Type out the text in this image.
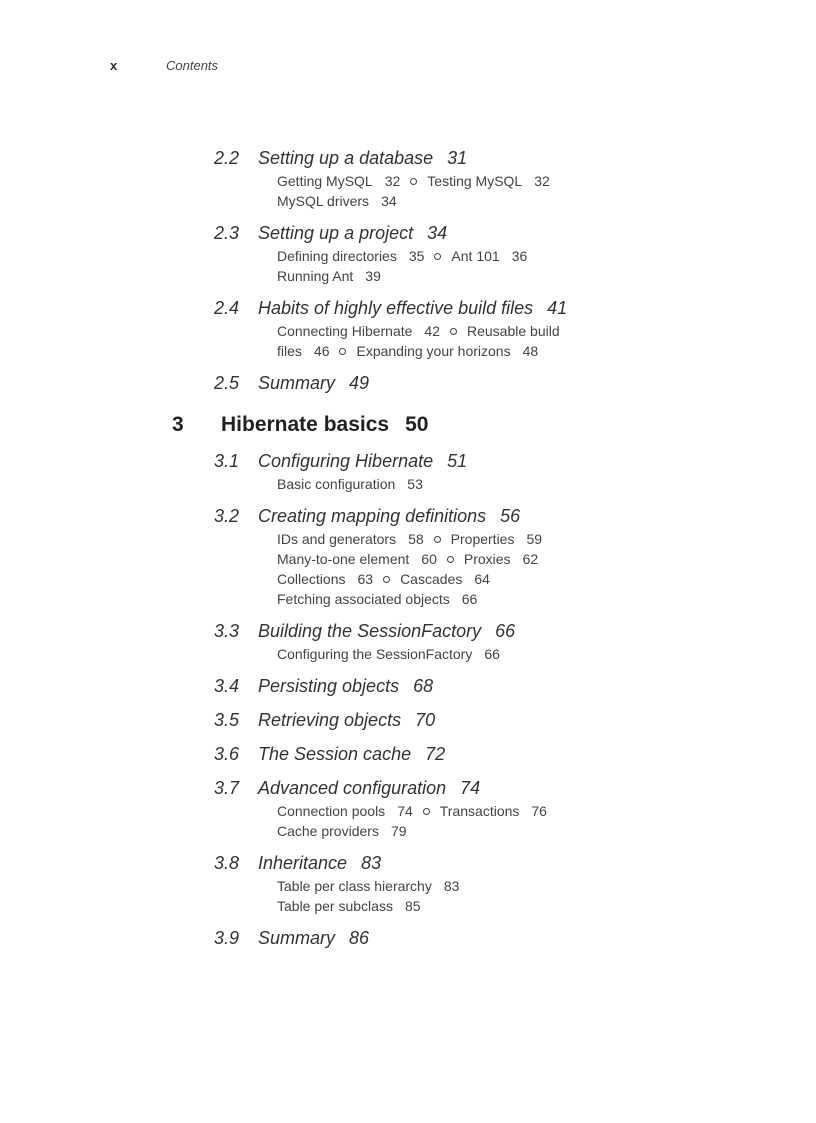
x	Contents
2.2	Setting up a database 31
Getting MySQL 32 Testing MySQL 32
MySQL drivers 34
2.3	Setting up a project 34
Defining directories 35 Ant 101 36
Running Ant 39
2.4	Habits of highly effective build files 41
Connecting Hibernate 42 Reusable build
files 46 Expanding your horizons 48
2.5	Summary 49
3 Hibernate basics 50
3.1	Configuring Hibernate 51
Basic configuration 53
3.2	Creating mapping definitions 56
IDs and generators 58 Properties 59
Many-to-one element 60 Proxies 62
Collections 63 Cascades 64
Fetching associated objects 66
3.3	Building the SessionFactory 66
Configuring the SessionFactory 66
3.4	Persisting objects 68
3.5	Retrieving objects 70
3.6	The Session cache 72
3.7	Advanced configuration 74
Connection pools 74 Transactions 76
Cache providers 79
3.8	Inheritance 83
Table per class hierarchy 83
Table per subclass 85
3.9	Summary 86
